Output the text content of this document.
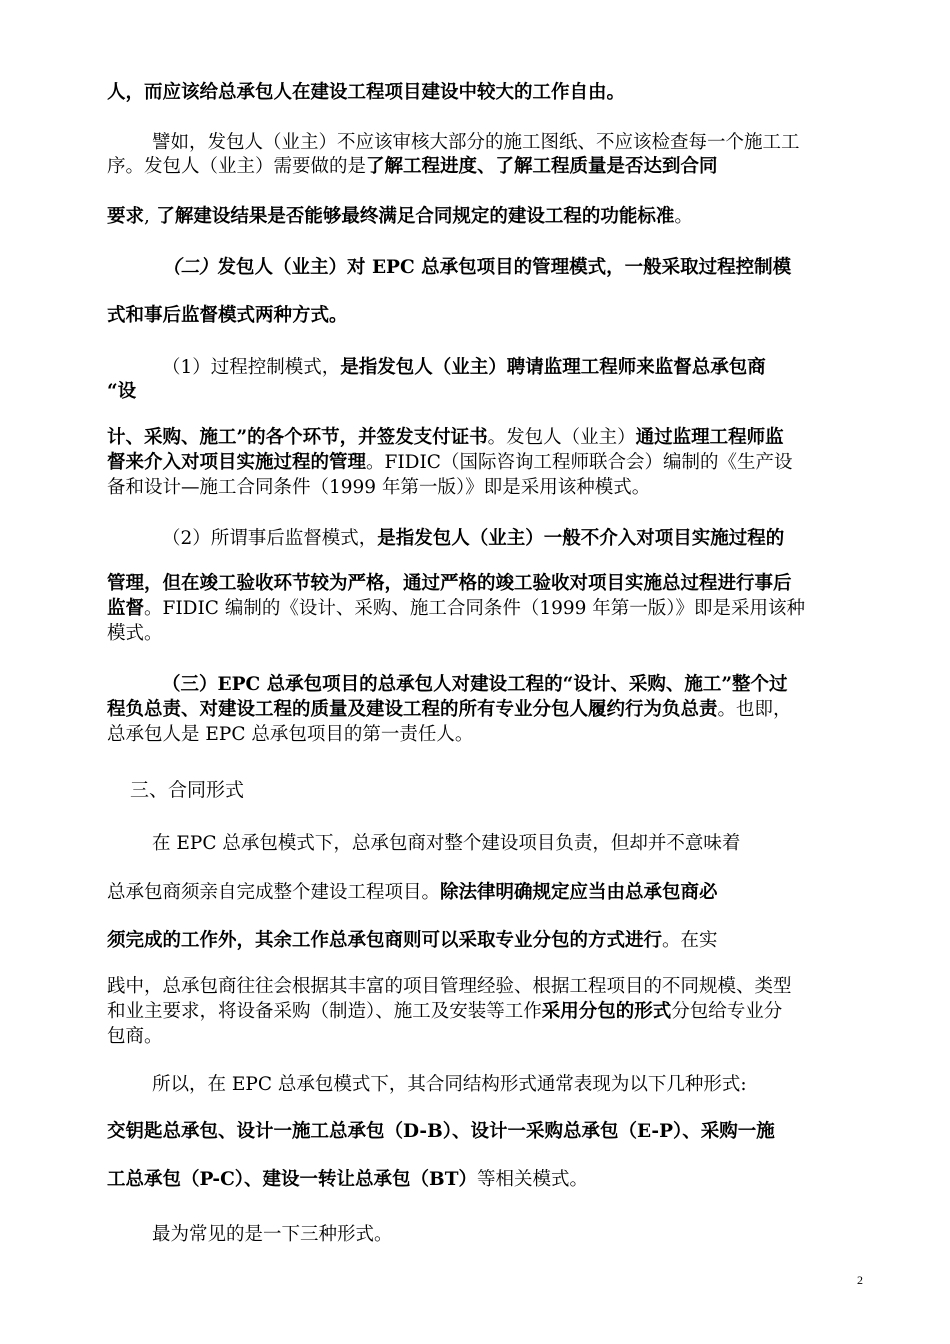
人，而应该给总承包人在建设工程项目建设中较大的工作自由。
譬如，发包人（业主）不应该审核大部分的施工图纸、不应该检查每一个施工工
序。发包人（业主）需要做的是了解工程进度、了解工程质量是否达到合同
要求, 了解建设结果是否能够最终满足合同规定的建设工程的功能标准。
（二）发包人（业主）对 EPC 总承包项目的管理模式，一般采取过程控制模
式和事后监督模式两种方式。
（1）过程控制模式，是指发包人（业主）聘请监理工程师来监督总承包商
“设
计、采购、施工”的各个环节，并签发支付证书。发包人（业主）通过监理工程师监
督来介入对项目实施过程的管理。FIDIC（国际咨询工程师联合会）编制的《生产设
备和设计—施工合同条件（1999 年第一版）》即是采用该种模式。
（2）所谓事后监督模式，是指发包人（业主）一般不介入对项目实施过程的
管理，但在竣工验收环节较为严格，通过严格的竣工验收对项目实施总过程进行事后
监督。FIDIC 编制的《设计、采购、施工合同条件（1999 年第一版）》即是采用该种
模式。
（三）EPC 总承包项目的总承包人对建设工程的“设计、采购、施工”整个过
程负总责、对建设工程的质量及建设工程的所有专业分包人履约行为负总责。也即，
总承包人是 EPC 总承包项目的第一责任人。
三、合同形式
在 EPC 总承包模式下，总承包商对整个建设项目负责，但却并不意味着
总承包商须亲自完成整个建设工程项目。除法律明确规定应当由总承包商必
须完成的工作外，其余工作总承包商则可以采取专业分包的方式进行。在实
践中，总承包商往往会根据其丰富的项目管理经验、根据工程项目的不同规模、类型
和业主要求，将设备采购（制造）、施工及安装等工作采用分包的形式分包给专业分
包商。
所以，在 EPC 总承包模式下，其合同结构形式通常表现为以下几种形式:
交钥匙总承包、设计一施工总承包（D-B）、设计一采购总承包（E-P）、采购一施
工总承包（P-C）、建设一转让总承包（BT）等相关模式。
最为常见的是一下三种形式。
2
